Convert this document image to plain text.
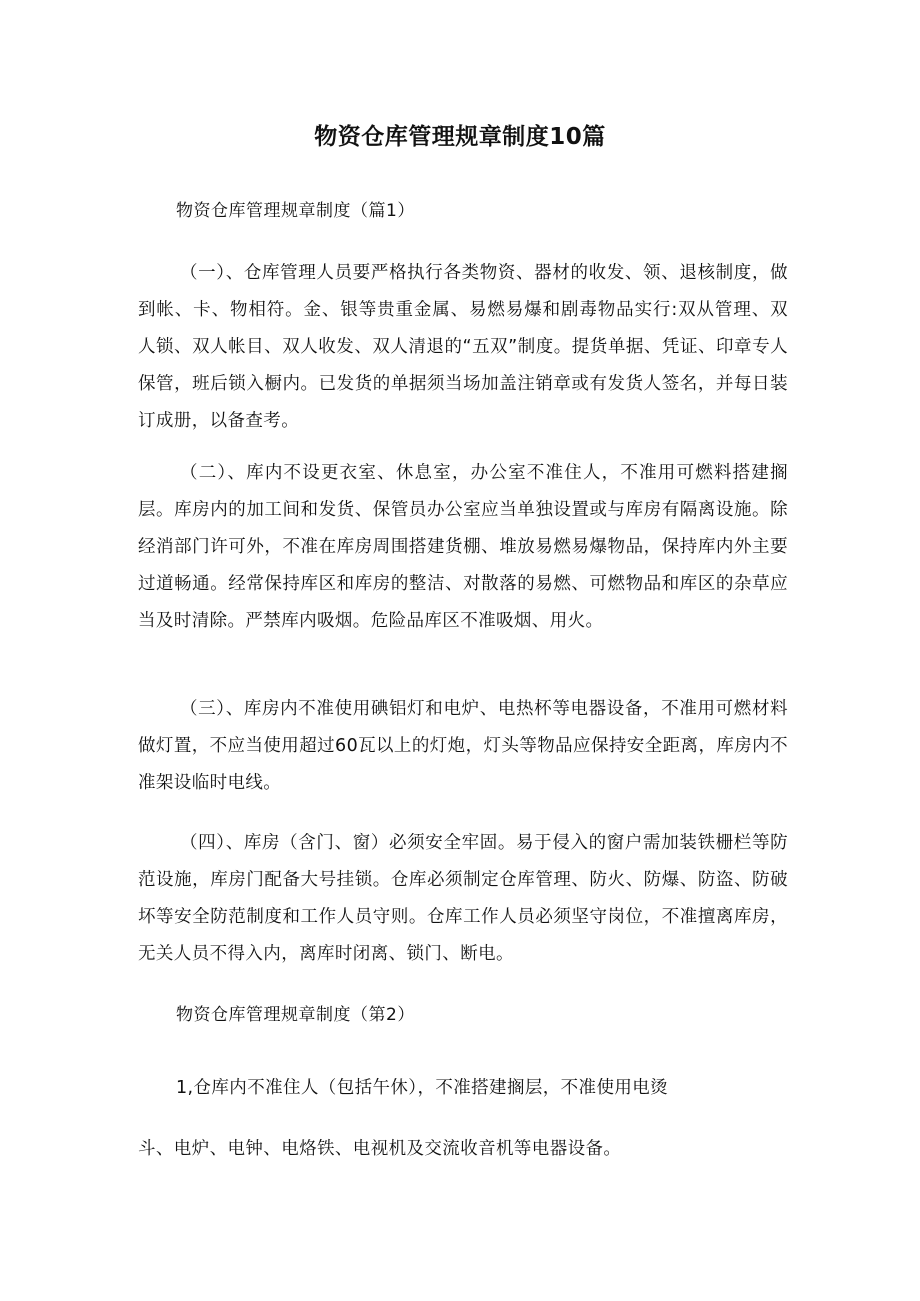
物资仓库管理规章制度10篇
物资仓库管理规章制度（篇1）
（一）、仓库管理人员要严格执行各类物资、器材的收发、领、退核制度，做到帐、卡、物相符。金、银等贵重金属、易燃易爆和剧毒物品实行:双从管理、双人锁、双人帐目、双人收发、双人清退的“五双”制度。提货单据、凭证、印章专人保管，班后锁入橱内。已发货的单据须当场加盖注销章或有发货人签名，并每日装订成册，以备查考。
（二）、库内不设更衣室、休息室，办公室不准住人，不准用可燃料搭建搁层。库房内的加工间和发货、保管员办公室应当单独设置或与库房有隔离设施。除经消部门许可外，不准在库房周围搭建货棚、堆放易燃易爆物品，保持库内外主要过道畅通。经常保持库区和库房的整洁、对散落的易燃、可燃物品和库区的杂草应当及时清除。严禁库内吸烟。危险品库区不准吸烟、用火。
（三）、库房内不准使用碘铝灯和电炉、电热杯等电器设备，不准用可燃材料做灯置，不应当使用超过60瓦以上的灯炮，灯头等物品应保持安全距离，库房内不准架设临时电线。
（四）、库房（含门、窗）必须安全牢固。易于侵入的窗户需加装铁栅栏等防范设施，库房门配备大号挂锁。仓库必须制定仓库管理、防火、防爆、防盗、防破坏等安全防范制度和工作人员守则。仓库工作人员必须坚守岗位，不准擅离库房，无关人员不得入内，离库时闭离、锁门、断电。
物资仓库管理规章制度（第2）
1,仓库内不准住人（包括午休），不准搭建搁层，不准使用电烫
斗、电炉、电钟、电烙铁、电视机及交流收音机等电器设备。
